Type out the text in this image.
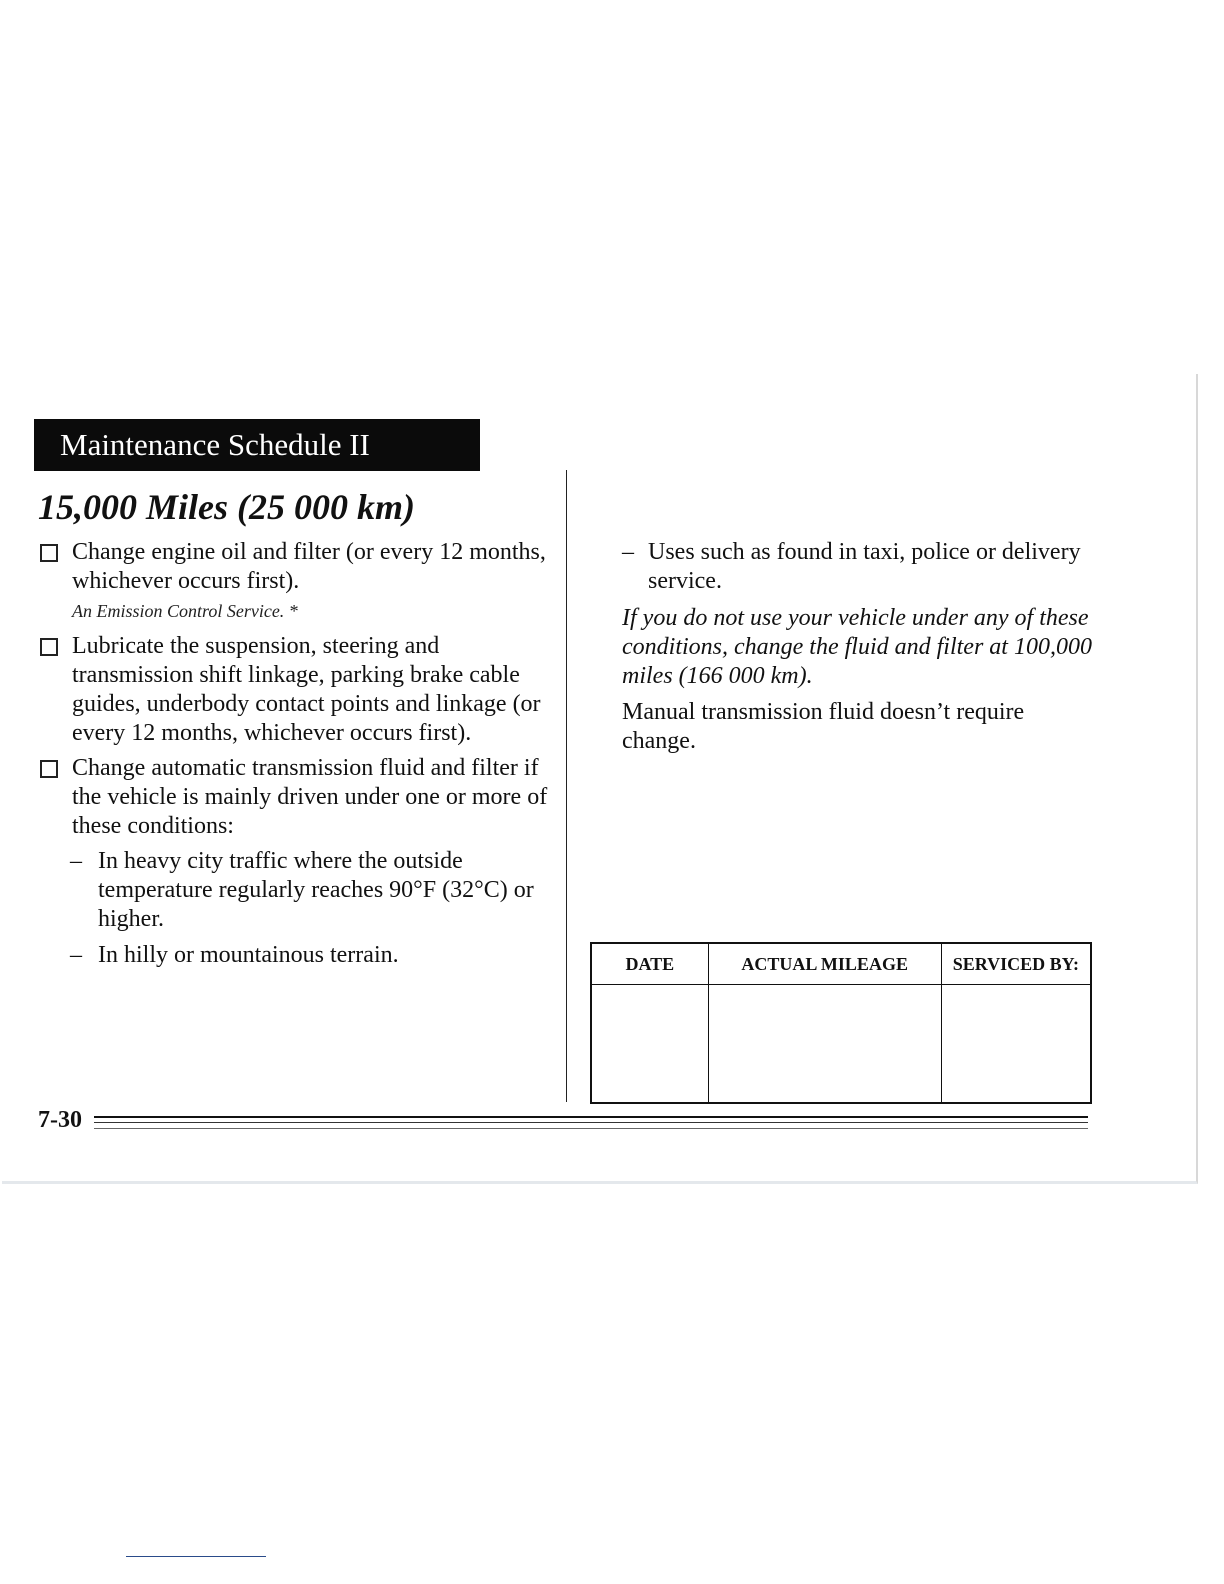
Maintenance Schedule II
15,000 Miles (25 000 km)
Change engine oil and filter (or every 12 months, whichever occurs first).
An Emission Control Service. *
Lubricate the suspension, steering and transmission shift linkage, parking brake cable guides, underbody contact points and linkage (or every 12 months, whichever occurs first).
Change automatic transmission fluid and filter if the vehicle is mainly driven under one or more of these conditions:
– In heavy city traffic where the outside temperature regularly reaches 90°F (32°C) or higher.
– In hilly or mountainous terrain.
– Uses such as found in taxi, police or delivery service.
If you do not use your vehicle under any of these conditions, change the fluid and filter at 100,000 miles (166 000 km).
Manual transmission fluid doesn’t require change.
DATE	ACTUAL MILEAGE	SERVICED BY:

7-30
